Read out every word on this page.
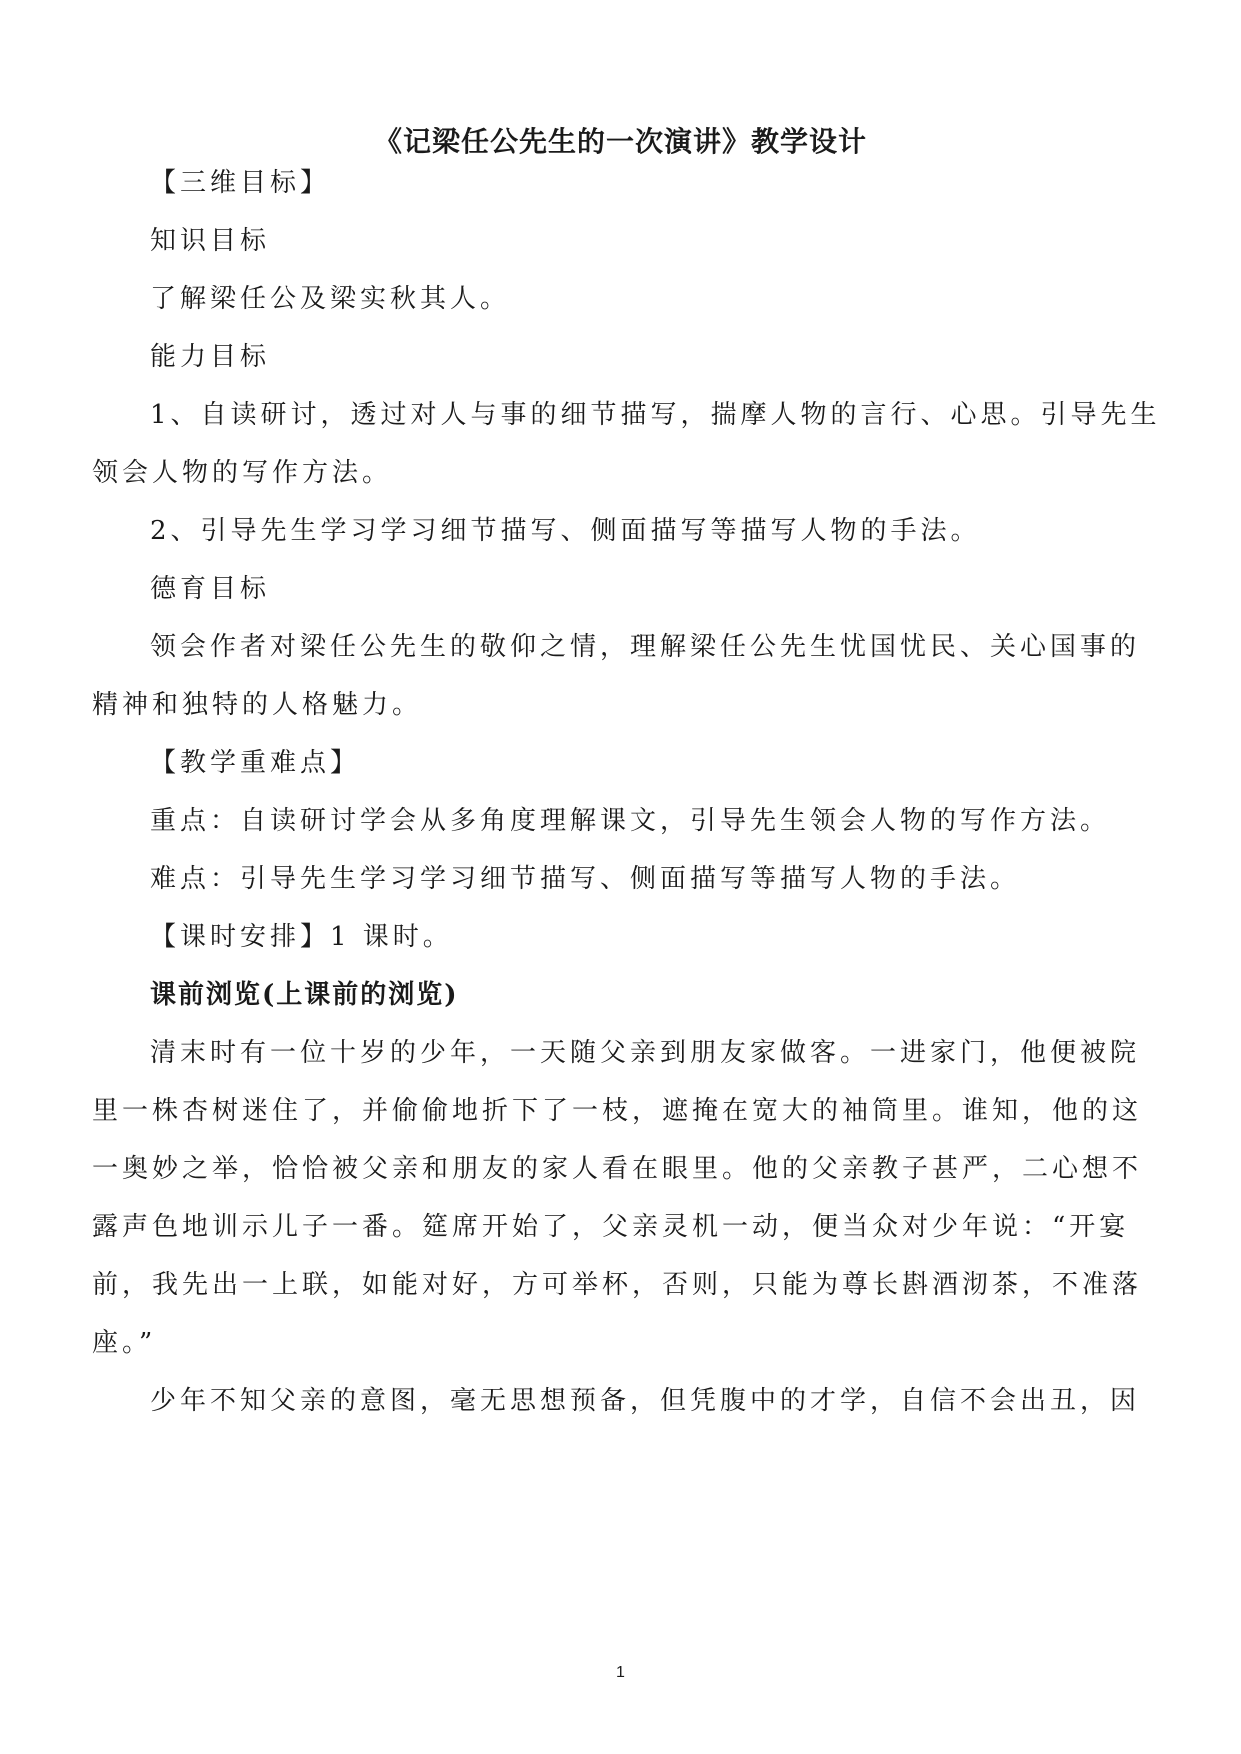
《记梁任公先生的一次演讲》教学设计
【三维目标】
知识目标
了解梁任公及梁实秋其人。
能力目标
1、自读研讨，透过对人与事的细节描写，揣摩人物的言行、心思。引导先生
领会人物的写作方法。
2、引导先生学习学习细节描写、侧面描写等描写人物的手法。
德育目标
领会作者对梁任公先生的敬仰之情，理解梁任公先生忧国忧民、关心国事的
精神和独特的人格魅力。
【教学重难点】
重点：自读研讨学会从多角度理解课文，引导先生领会人物的写作方法。
难点：引导先生学习学习细节描写、侧面描写等描写人物的手法。
【课时安排】1 课时。
课前浏览(上课前的浏览)
清末时有一位十岁的少年，一天随父亲到朋友家做客。一进家门，他便被院
里一株杏树迷住了，并偷偷地折下了一枝，遮掩在宽大的袖筒里。谁知，他的这
一奥妙之举，恰恰被父亲和朋友的家人看在眼里。他的父亲教子甚严，二心想不
露声色地训示儿子一番。筵席开始了，父亲灵机一动，便当众对少年说：“开宴
前，我先出一上联，如能对好，方可举杯，否则，只能为尊长斟酒沏茶，不准落
座。”
少年不知父亲的意图，毫无思想预备，但凭腹中的才学，自信不会出丑，因
1
